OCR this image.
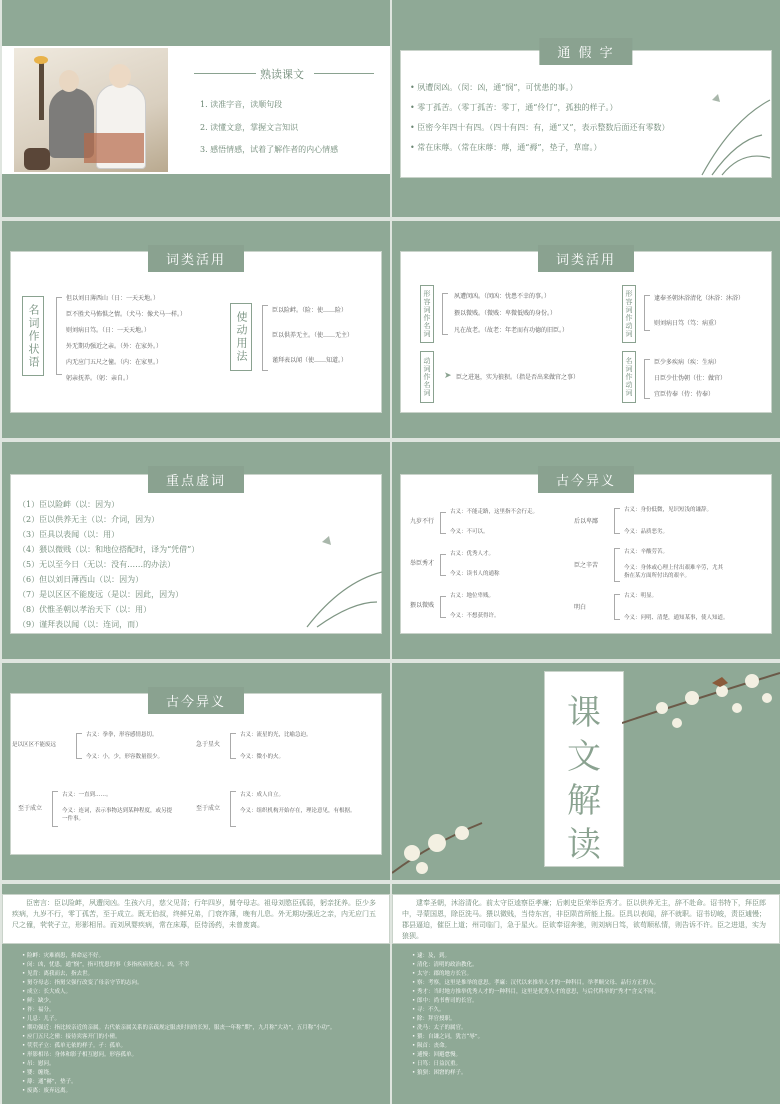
熟读课文
1. 读准字音，读顺句段
2. 读懂文意，掌握文言知识
3. 感悟情感，试着了解作者的内心情感
通 假 字
• 夙遭闵凶。（闵：凶，通“悯”，可忧患的事。）
• 零丁孤苦。（零丁孤苦：零丁，通“伶仃”，孤独的样子。）
• 臣密今年四十有四。（四十有四：有，通“又”，表示整数后面还有零数）
• 常在床蓐。（常在床蓐：蓐，通“褥”，垫子，草席。）
词类活用
名词作状语
但以刘日薄西山（日：一天天地。）
臣不胜犬马怖惧之情。（犬马：像犬马一样。）
则刘病日笃。（日：一天天地。）
外无期功强近之亲。（外：在家外。）
内无应门五尺之僮。（内：在家里。）
躬亲抚养。（躬：亲自。）
使动用法
臣以险衅。（险：使……险）
臣以供养无主。（使……无主）
谨拜表以闻（使……知道。）
词类活用
形容词作名词	夙遭闵凶。（闵凶：忧患不幸的事。）
猥以微贱。（微贱：卑微低贱的身份。）
凡在故老。（故老：年老而有功德的旧臣。）
动词作名词	➤ 臣之进退，实为狼狈。（指是否出来做官之事）
形容词作动词	逮奉圣朝沐浴清化（沐浴：沐浴）
则刘病日笃（笃：病重）
名词作动词	臣少多疾病（疾：生病）
日臣少仕伪朝（仕：做官）
宜臣侍奉（侍：侍奉）
重点虚词
（1）臣以险衅（以：因为）
（2）臣以供养无主（以：介词，因为）
（3）臣具以表闻（以：用）
（4）猥以微贱（以：和地位搭配时，译为“凭借”）
（5）无以至今日（无以：没有……的办法）
（6）但以刘日薄西山（以：因为）
（7）是以区区不能废远（是以：因此，因为）
（8）伏惟圣朝以孝治天下（以：用）
（9）谨拜表以闻（以：连词，而）
古今异义
九岁不行
古义：不能走路，这里指不会行走。
今义：不可以。
举臣秀才
古义：优秀人才。
今义：读书人的通称
猥以微贱
古义：地位卑贱。
今义：不想获得许。
后以卑鄙
古义：身份低微，见识短浅的谦辞。
今义：品质恶劣。
臣之辛苦
古义：辛酸劳苦。
今义：身体或心理上付出艰难辛劳，尤其指在某方面所付出的艰辛。
明白
古义：明显。
今义：问明、清楚，通知某事，使人知道。
古今异义
是以区区不能废远
古义：拳拳，形容感情恳切。
今义：小，少，形容数量很少。
至于成立
古义：一直到……。
今义：连词，表示事物达到某种程度，或另提一件事。
急于星火
古义：流星的光，比喻急迫。
今义：微小的火。
至于成立
古义：成人自立。
今义：组织机构开始存在，理论意见，有根据。
课
文
解
读
臣密言：臣以险衅，夙遭闵凶。生孩六月，慈父见背；行年四岁，舅夺母志。祖母刘愍臣孤弱，躬亲抚养。臣少多疾病，九岁不行，零丁孤苦，至于成立。既无伯叔，终鲜兄弟，门衰祚薄，晚有儿息。外无期功强近之亲，内无应门五尺之僮，茕茕孑立，形影相吊。而刘夙婴疾病，常在床蓐，臣侍汤药，未曾废离。
• 险衅：灾难祸患，指命运不好。
• 闵：凶，忧患，通“悯”，指可忧患的事（多指疾病死丧）。凶，不幸
• 见背：离我而去，指去世。
• 舅夺母志：指舅父强行改变了母亲守节的志向。
• 成立：长大成人。
• 鲜：缺少。
• 祚：福分。
• 儿息：儿子。
• 期功强近：指比较亲近的亲属。古代依亲属关系的亲疏规定服丧时间的长短，服丧一年称“期”，九月称“大功”，五月称“小功”。
• 应门五尺之僮：接待宾客开门的小僮。
• 茕茕孑立：孤单无依的样子。孑：孤单。
• 形影相吊：身体和影子相互慰问。形容孤单。
• 吊：慰问。
• 婴：缠绕。
• 蓐：通“褥”，垫子。
• 废离：废弃远离。
逮奉圣朝，沐浴清化。前太守臣逵察臣孝廉；后刺史臣荣举臣秀才。臣以供养无主，辞不赴命。诏书特下，拜臣郎中，寻蒙国恩，除臣洗马。猥以微贱，当侍东宫，非臣陨首所能上报。臣具以表闻，辞不就职。诏书切峻，责臣逋慢；郡县逼迫，催臣上道；州司临门，急于星火。臣欲奉诏奔驰，则刘病日笃，欲苟顺私情，则告诉不许。臣之进退，实为狼狈。
• 逮：及，到。
• 清化：清明的政治教化。
• 太守：郡的地方长官。
• 察：考察，这里是推举的意思。孝廉：汉代以来推举人才的一种科目。举孝顺父母、品行方正的人。
• 秀才：当时地方推举优秀人才的一种科目，这里是优秀人才的意思，与后代科举的“秀才”含义不同。
• 郎中：尚书曹司的长官。
• 寻：不久。
• 除：拜官授职。
• 洗马：太子的属官。
• 猥：自谦之词，犹言“辱”。
• 陨首：丧命。
• 逋慢：回避怠慢。
• 日笃：日益沉重。
• 狼狈：困窘的样子。
